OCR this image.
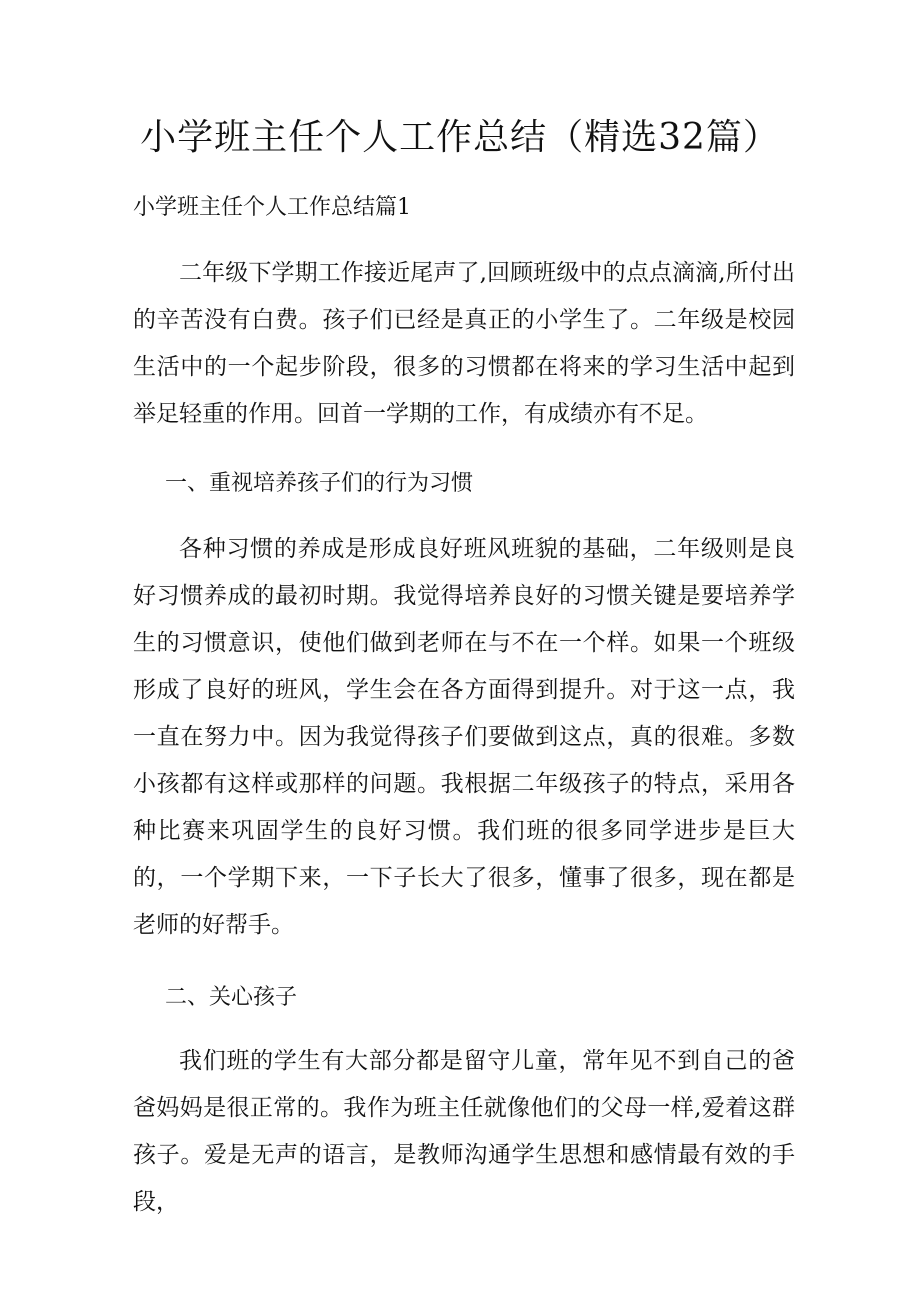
小学班主任个人工作总结（精选32篇）
小学班主任个人工作总结篇1

二年级下学期工作接近尾声了,回顾班级中的点点滴滴,所付出的辛苦没有白费。孩子们已经是真正的小学生了。二年级是校园生活中的一个起步阶段，很多的习惯都在将来的学习生活中起到举足轻重的作用。回首一学期的工作，有成绩亦有不足。

一、重视培养孩子们的行为习惯

各种习惯的养成是形成良好班风班貌的基础，二年级则是良好习惯养成的最初时期。我觉得培养良好的习惯关键是要培养学生的习惯意识，使他们做到老师在与不在一个样。如果一个班级形成了良好的班风，学生会在各方面得到提升。对于这一点，我一直在努力中。因为我觉得孩子们要做到这点，真的很难。多数小孩都有这样或那样的问题。我根据二年级孩子的特点，采用各种比赛来巩固学生的良好习惯。我们班的很多同学进步是巨大的，一个学期下来，一下子长大了很多，懂事了很多，现在都是老师的好帮手。

二、关心孩子

我们班的学生有大部分都是留守儿童，常年见不到自己的爸爸妈妈是很正常的。我作为班主任就像他们的父母一样,爱着这群孩子。爱是无声的语言，是教师沟通学生思想和感情最有效的手段，
